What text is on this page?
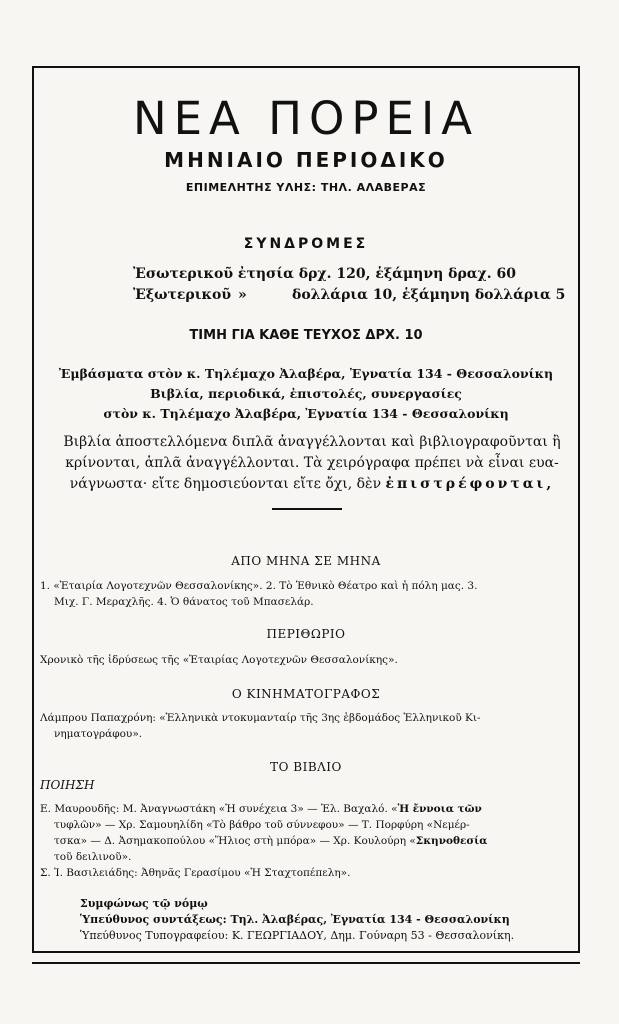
ΝΕΑ ΠΟΡΕΙΑ
ΜΗΝΙΑΙΟ ΠΕΡΙΟΔΙΚΟ
ΕΠΙΜΕΛΗΤΗΣ ΥΛΗΣ: ΤΗΛ. ΑΛΑΒΕΡΑΣ
ΣΥΝΔΡΟΜΕΣ
Ἐσωτερικοῦ ἐτησία δρχ. 120, ἑξάμηνη δραχ. 60
Ἐξωτερικοῦ »	δολλάρια 10, ἑξάμηνη δολλάρια 5
ΤΙΜΗ ΓΙΑ ΚΑΘΕ ΤΕΥΧΟΣ ΔΡΧ. 10
Ἐμβάσματα στὸν κ. Τηλέμαχο Ἀλαβέρα, Ἐγνατία 134 - Θεσσαλονίκη
Βιβλία, περιοδικά, ἐπιστολές, συνεργασίες
στὸν κ. Τηλέμαχο Ἀλαβέρα, Ἐγνατία 134 - Θεσσαλονίκη
Βιβλία ἀποστελλόμενα διπλᾶ ἀναγγέλλονται καὶ βιβλιογραφοῦνται ἢ
κρίνονται, ἁπλᾶ ἀναγγέλλονται. Τὰ χειρόγραφα πρέπει νὰ εἶναι ευα-
νάγνωστα· εἴτε δημοσιεύονται εἴτε ὄχι, δὲν ἐπιστρέφονται,
ΑΠΟ ΜΗΝΑ ΣΕ ΜΗΝΑ
1. «Ἑταιρία Λογοτεχνῶν Θεσσαλονίκης». 2. Τὸ Ἐθνικὸ Θέατρο καὶ ἡ πόλη μας. 3.
Μιχ. Γ. Μεραχλῆς. 4. Ὁ θάνατος τοῦ Μπασελάρ.
ΠΕΡΙΘΩΡΙΟ
Χρονικὸ τῆς ἱδρύσεως τῆς «Ἑταιρίας Λογοτεχνῶν Θεσσαλονίκης».
Ο ΚΙΝΗΜΑΤΟΓΡΑΦΟΣ
Λάμπρου Παπαχρόνη: «Ἑλληνικὰ ντοκυμανταίρ τῆς 3ης ἑβδομάδος Ἑλληνικοῦ Κι-
νηματογράφου».
ΤΟ ΒΙΒΛΙΟ
ΠΟΙΗΣΗ
Ε. Μαυρουδῆς: Μ. Ἀναγνωστάκη «Ἡ συνέχεια 3» — Ἐλ. Βαχαλό. «Ἡ ἔννοια τῶν
τυφλῶν» — Χρ. Σαμουηλίδη «Τὸ βάθρο τοῦ σύννεφου» — Τ. Πορφύρη «Νεμέρ-
τσκα» — Δ. Ἀσημακοπούλου «Ἥλιος στὴ μπόρα» — Χρ. Κουλούρη «Σκηνοθεσία
τοῦ δειλινοῦ».
Σ. Ἰ. Βασιλειάδης: Ἀθηνᾶς Γερασίμου «Ἡ Σταχτοπέπελη».
Συμφώνως τῷ νόμῳ
Ὑπεύθυνος συντάξεως: Τηλ. Ἀλαβέρας, Ἐγνατία 134 - Θεσσαλονίκη
Ὑπεύθυνος Τυπογραφείου: Κ. ΓΕΩΡΓΙΑΔΟΥ, Δημ. Γούναρη 53 - Θεσσαλονίκη.
